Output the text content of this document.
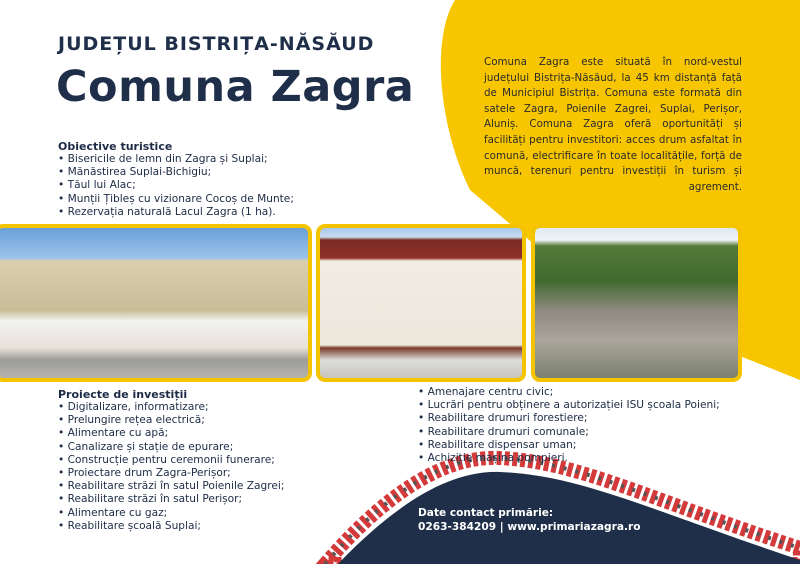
JUDEȚUL BISTRIȚA-NĂSĂUD
Comuna Zagra	Comuna Zagra este situată în nord-vestul județului Bistrița-Năsăud, la 45 km distanță față de Municipiul Bistrița. Comuna este formată din satele Zagra, Poienile Zagrei, Suplai, Perișor, Aluniș. Comuna Zagra oferă oportunități și facilități pentru investitori: acces drum asfaltat în comună, electrificare în toate localitățile, forță de muncă, terenuri pentru investiții în turism și agrement.
Obiective turistice
• Bisericile de lemn din Zagra și Suplai;
• Mănăstirea Suplai-Bichigiu;
• Tăul lui Alac;
• Munții Țibleș cu vizionare Cocoș de Munte;
• Rezervația naturală Lacul Zagra (1 ha).
Proiecte de investiții
• Digitalizare, informatizare;
• Prelungire rețea electrică;
• Alimentare cu apă;
• Canalizare și stație de epurare;
• Construcție pentru ceremonii funerare;
• Proiectare drum Zagra-Perișor;
• Reabilitare străzi în satul Poienile Zagrei;
• Reabilitare străzi în satul Perișor;
• Alimentare cu gaz;
• Reabilitare școală Suplai;
• Amenajare centru civic;
• Lucrări pentru obținere a autorizației ISU școala Poieni;
• Reabilitare drumuri forestiere;
• Reabilitare drumuri comunale;
• Reabilitare dispensar uman;
• Achiziție mașina pompieri.
Date contact primărie:
0263-384209 | www.primariazagra.ro
